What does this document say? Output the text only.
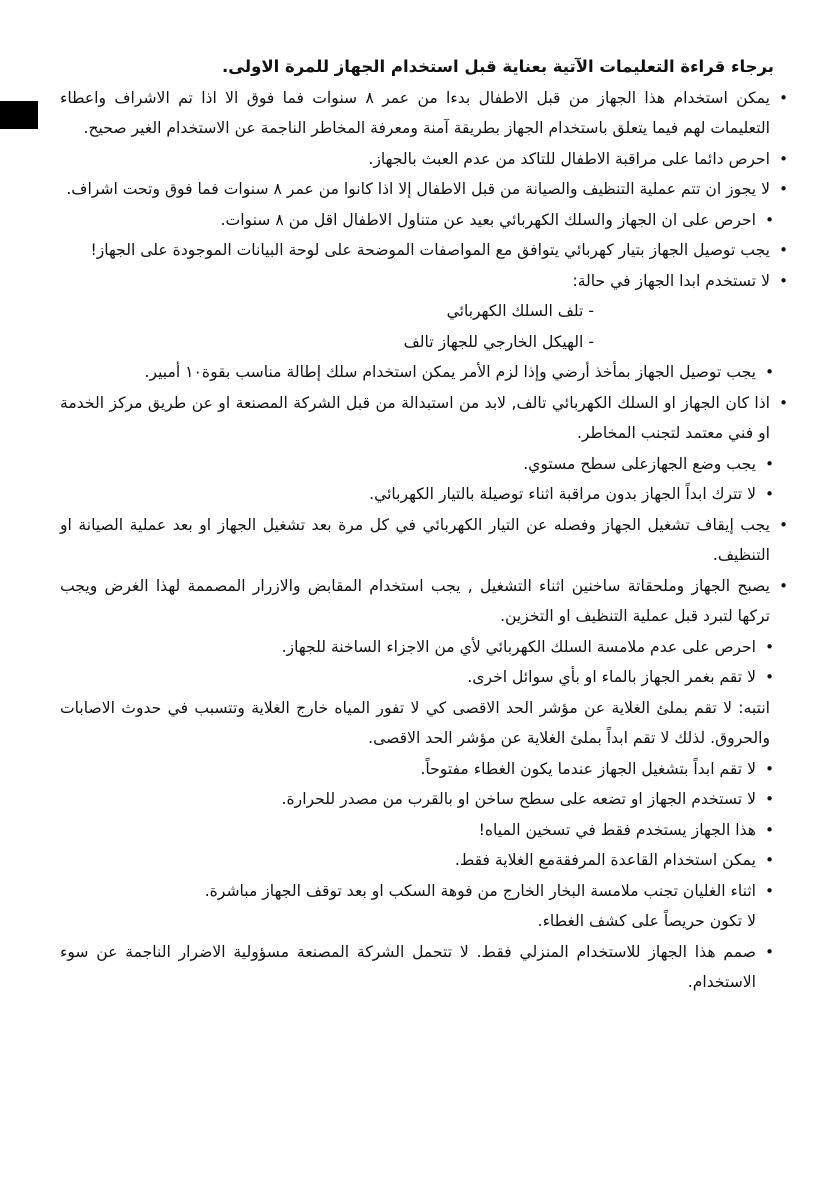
برجاء قراءة التعليمات الآتية بعناية قبل استخدام الجهاز للمرة الاولى.

• يمكن استخدام هذا الجهاز من قبل الاطفال بدءا من عمر ٨ سنوات فما فوق الا اذا تم الاشراف واعطاء التعليمات لهم فيما يتعلق باستخدام الجهاز بطريقة آمنة ومعرفة المخاطر الناجمة عن الاستخدام الغير صحيح.
• احرص دائما على مراقبة الاطفال للتاكد من عدم العبث بالجهاز.
• لا يجوز ان تتم عملية التنظيف والصيانة من قبل الاطفال إلا اذا كانوا من عمر ٨ سنوات فما فوق وتحت اشراف.
• احرص على ان الجهاز والسلك الكهربائي بعيد عن متناول الاطفال اقل من ٨ سنوات.
• يجب توصيل الجهاز بتيار كهربائي يتوافق مع المواصفات الموضحة على لوحة البيانات الموجودة على الجهاز!
• لا تستخدم ابدا الجهاز في حالة:
- تلف السلك الكهربائي
- الهيكل الخارجي للجهاز تالف
• يجب توصيل الجهاز بمأخذ أرضي وإذا لزم الأمر يمكن استخدام سلك إطالة مناسب بقوة١٠ أمبير.
• اذا كان الجهاز او السلك الكهربائي تالف, لابد من استبدالة من قبل الشركة المصنعة او عن طريق مركز الخدمة او فني معتمد لتجنب المخاطر.
• يجب وضع الجهازعلى سطح مستوي.
• لا تترك ابداً الجهاز بدون مراقبة اثناء توصيلة بالتيار الكهربائي.
• يجب إيقاف تشغيل الجهاز وفصله عن التيار الكهربائي في كل مرة بعد تشغيل الجهاز او بعد عملية الصيانة او التنظيف.
• يصبح الجهاز وملحقاتة ساخنين اثناء التشغيل , يجب استخدام المقابض والازرار المصممة لهذا الغرض ويجب تركها لتبرد قبل عملية التنظيف او التخزين.
• احرص على عدم ملامسة السلك الكهربائي لأي من الاجزاء الساخنة للجهاز.
• لا تقم بغمر الجهاز بالماء او بأي سوائل اخرى.

انتبه: لا تقم بملئ الغلاية عن مؤشر الحد الاقصى كي لا تفور المياه خارج الغلاية وتتسبب في حدوث الاصابات والحروق. لذلك لا تقم ابداً بملئ الغلاية عن مؤشر الحد الاقصى.

• لا تقم ابداً بتشغيل الجهاز عندما يكون الغطاء مفتوحاً.
• لا تستخدم الجهاز او تضعه على سطح ساخن او بالقرب من مصدر للحرارة.
• هذا الجهاز يستخدم فقط في تسخين المياه!
• يمكن استخدام القاعدة المرفقةمع الغلاية فقط.
• اثناء الغليان تجنب ملامسة البخار الخارج من فوهة السكب او بعد توقف الجهاز مباشرة.

لا تكون حريصاً على كشف الغطاء.

• صمم هذا الجهاز للاستخدام المنزلي فقط. لا تتحمل الشركة المصنعة مسؤولية الاضرار الناجمة عن سوء الاستخدام.
